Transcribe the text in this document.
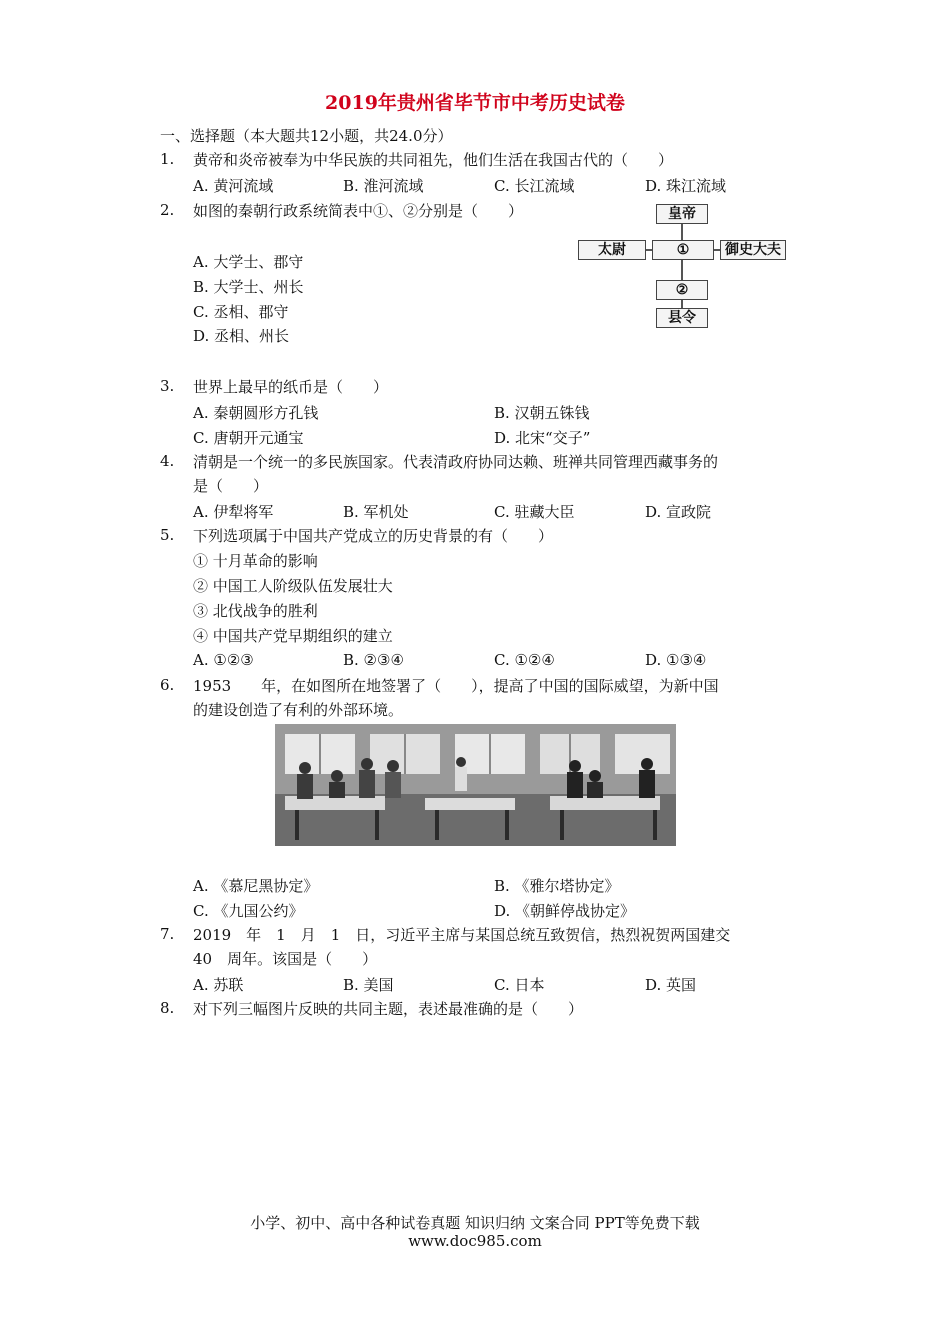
2019年贵州省毕节市中考历史试卷
一、选择题（本大题共12小题，共24.0分）
1. 黄帝和炎帝被奉为中华民族的共同祖先，他们生活在我国古代的（　　）
A. 黄河流域	B. 淮河流域	C. 长江流域	D. 珠江流域
2. 如图的秦朝行政系统简表中①、②分别是（　　）
A. 大学士、郡守
B. 大学士、州长
C. 丞相、郡守
D. 丞相、州长
皇帝
太尉	①	御史大夫
②
县令
3. 世界上最早的纸币是（　　）
A. 秦朝圆形方孔钱	B. 汉朝五铢钱
C. 唐朝开元通宝	D. 北宋“交子”
4. 清朝是一个统一的多民族国家。代表清政府协同达赖、班禅共同管理西藏事务的
是（　　）
A. 伊犁将军	B. 军机处	C. 驻藏大臣	D. 宣政院
5. 下列选项属于中国共产党成立的历史背景的有（　　）
① 十月革命的影响
② 中国工人阶级队伍发展壮大
③ 北伐战争的胜利
④ 中国共产党早期组织的建立
A. ①②③	B. ②③④	C. ①②④	D. ①③④
6. 1953　　年，在如图所在地签署了（　　），提高了中国的国际威望，为新中国
的建设创造了有利的外部环境。
A. 《慕尼黑协定》	B. 《雅尔塔协定》
C. 《九国公约》	D. 《朝鲜停战协定》
7. 2019　年　1　月　1　日，习近平主席与某国总统互致贺信，热烈祝贺两国建交
40　周年。该国是（　　）
A. 苏联	B. 美国	C. 日本	D. 英国
8. 对下列三幅图片反映的共同主题，表述最准确的是（　　）
小学、初中、高中各种试卷真题 知识归纳 文案合同 PPT等免费下载
www.doc985.com
